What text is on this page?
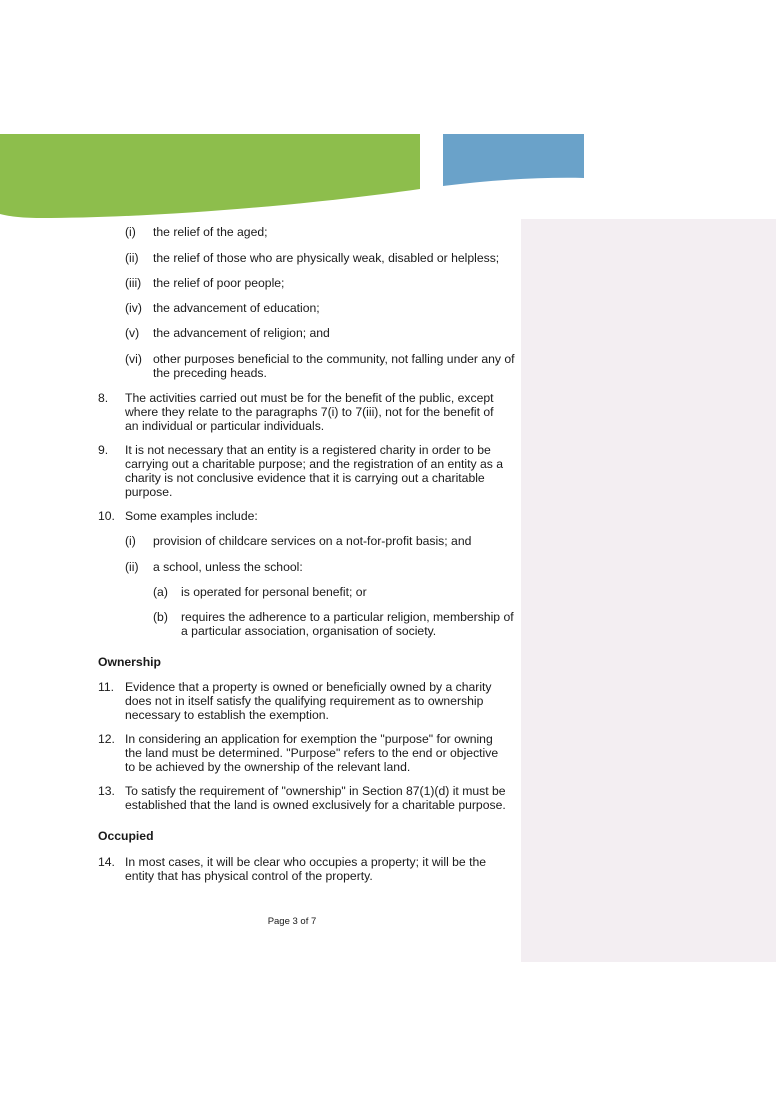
(i) the relief of the aged;
(ii) the relief of those who are physically weak, disabled or helpless;
(iii) the relief of poor people;
(iv) the advancement of education;
(v) the advancement of religion; and
(vi) other purposes beneficial to the community, not falling under any of the preceding heads.
8. The activities carried out must be for the benefit of the public, except where they relate to the paragraphs 7(i) to 7(iii), not for the benefit of an individual or particular individuals.
9. It is not necessary that an entity is a registered charity in order to be carrying out a charitable purpose; and the registration of an entity as a charity is not conclusive evidence that it is carrying out a charitable purpose.
10. Some examples include:
(i) provision of childcare services on a not-for-profit basis; and
(ii) a school, unless the school:
(a) is operated for personal benefit; or
(b) requires the adherence to a particular religion, membership of a particular association, organisation of society.
Ownership
11. Evidence that a property is owned or beneficially owned by a charity does not in itself satisfy the qualifying requirement as to ownership necessary to establish the exemption.
12. In considering an application for exemption the "purpose" for owning the land must be determined. "Purpose" refers to the end or objective to be achieved by the ownership of the relevant land.
13. To satisfy the requirement of "ownership" in Section 87(1)(d) it must be established that the land is owned exclusively for a charitable purpose.
Occupied
14. In most cases, it will be clear who occupies a property; it will be the entity that has physical control of the property.
Page 3 of 7
